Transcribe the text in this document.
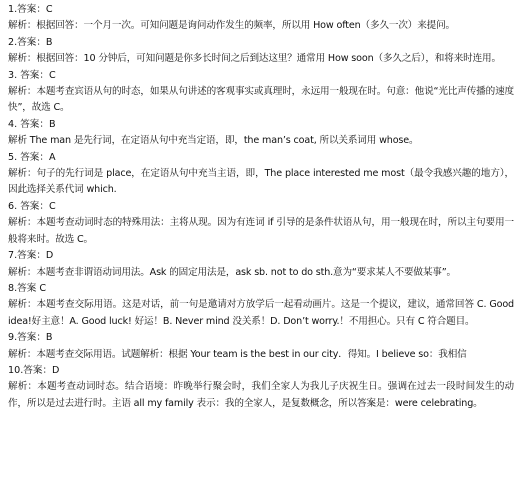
1.答案：C

解析：根据回答：一个月一次。可知问题是询问动作发生的频率，所以用 How often（多久一次）来提问。

2.答案：B

解析：根据回答：10 分钟后，可知问题是你多长时间之后到达这里？通常用 How soon（多久之后），和将来时连用。

3. 答案：C

解析：本题考查宾语从句的时态，如果从句讲述的客观事实或真理时，永远用一般现在时。句意：他说“光比声传播的速度快”，故选 C。

4. 答案：B

解析 The man 是先行词，在定语从句中充当定语，即，the man’s coat, 所以关系词用 whose。

5. 答案：A

解析：句子的先行词是 place，在定语从句中充当主语，即，The place interested me most（最令我感兴趣的地方），因此选择关系代词 which.

6. 答案：C

解析：本题考查动词时态的特殊用法：主将从现。因为有连词 if 引导的是条件状语从句，用一般现在时，所以主句要用一般将来时。故选 C。

7.答案：D

解析：本题考查非谓语动词用法。Ask 的固定用法是，ask sb. not to do sth.意为“要求某人不要做某事”。

8.答案 C

解析：本题考查交际用语。这是对话，前一句是邀请对方放学后一起看动画片。这是一个提议，建议，通常回答 C. Good idea!好主意！A. Good luck! 好运！B. Never mind 没关系！D. Don’t worry.！不用担心。只有 C 符合题目。

9.答案：B

解析：本题考查交际用语。试题解析：根据 Your team is the best in our city．得知。I believe so：我相信

10.答案：D

解析：本题考查动词时态。结合语境：昨晚举行聚会时，我们全家人为我儿子庆祝生日。强调在过去一段时间发生的动作，所以是过去进行时。主语 all my family 表示：我的全家人，是复数概念，所以答案是：were celebrating。
